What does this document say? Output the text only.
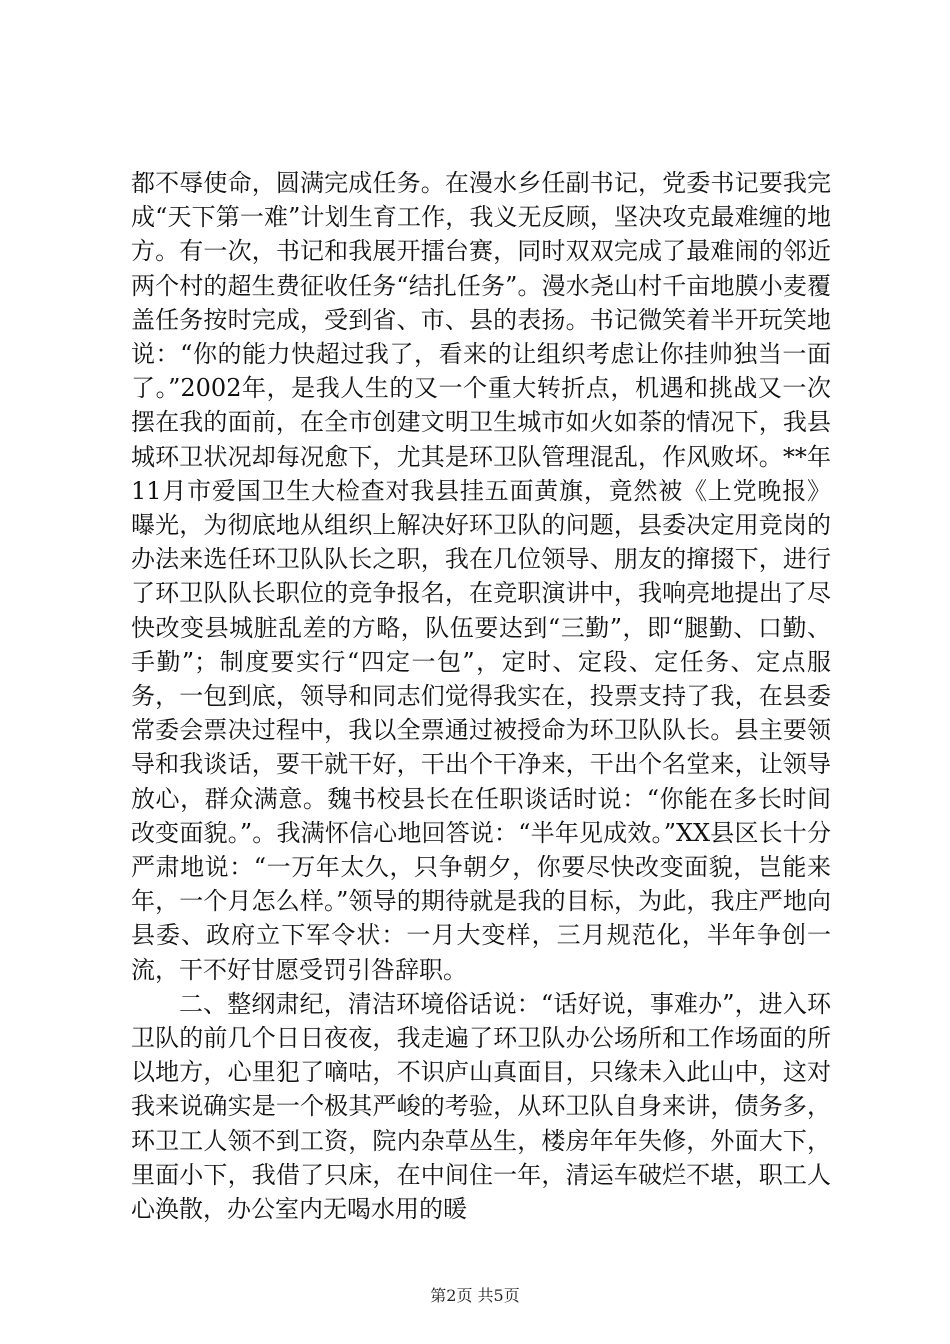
都不辱使命，圆满完成任务。在漫水乡任副书记，党委书记要我完成“天下第一难”计划生育工作，我义无反顾，坚决攻克最难缠的地方。有一次，书记和我展开擂台赛，同时双双完成了最难闹的邻近两个村的超生费征收任务“结扎任务”。漫水尧山村千亩地膜小麦覆盖任务按时完成，受到省、市、县的表扬。书记微笑着半开玩笑地说：“你的能力快超过我了，看来的让组织考虑让你挂帅独当一面了。”2002年，是我人生的又一个重大转折点，机遇和挑战又一次摆在我的面前，在全市创建文明卫生城市如火如荼的情况下，我县城环卫状况却每况愈下，尤其是环卫队管理混乱，作风败坏。**年11月市爱国卫生大检查对我县挂五面黄旗，竟然被《上党晚报》曝光，为彻底地从组织上解决好环卫队的问题，县委决定用竞岗的办法来选任环卫队队长之职，我在几位领导、朋友的撺掇下，进行了环卫队队长职位的竞争报名，在竞职演讲中，我响亮地提出了尽快改变县城脏乱差的方略，队伍要达到“三勤”，即“腿勤、口勤、手勤”；制度要实行“四定一包”，定时、定段、定任务、定点服务，一包到底，领导和同志们觉得我实在，投票支持了我，在县委常委会票决过程中，我以全票通过被授命为环卫队队长。县主要领导和我谈话，要干就干好，干出个干净来，干出个名堂来，让领导放心，群众满意。魏书校县长在任职谈话时说：“你能在多长时间改变面貌。”。我满怀信心地回答说：“半年见成效。”XX县区长十分严肃地说：“一万年太久，只争朝夕，你要尽快改变面貌，岂能来年，一个月怎么样。”领导的期待就是我的目标，为此，我庄严地向县委、政府立下军令状：一月大变样，三月规范化，半年争创一流，干不好甘愿受罚引咎辞职。

二、整纲肃纪，清洁环境俗话说：“话好说，事难办”，进入环卫队的前几个日日夜夜，我走遍了环卫队办公场所和工作场面的所以地方，心里犯了嘀咕，不识庐山真面目，只缘未入此山中，这对我来说确实是一个极其严峻的考验，从环卫队自身来讲，债务多，环卫工人领不到工资，院内杂草丛生，楼房年年失修，外面大下，里面小下，我借了只床，在中间住一年，清运车破烂不堪，职工人心涣散，办公室内无喝水用的暖

第2页 共5页
